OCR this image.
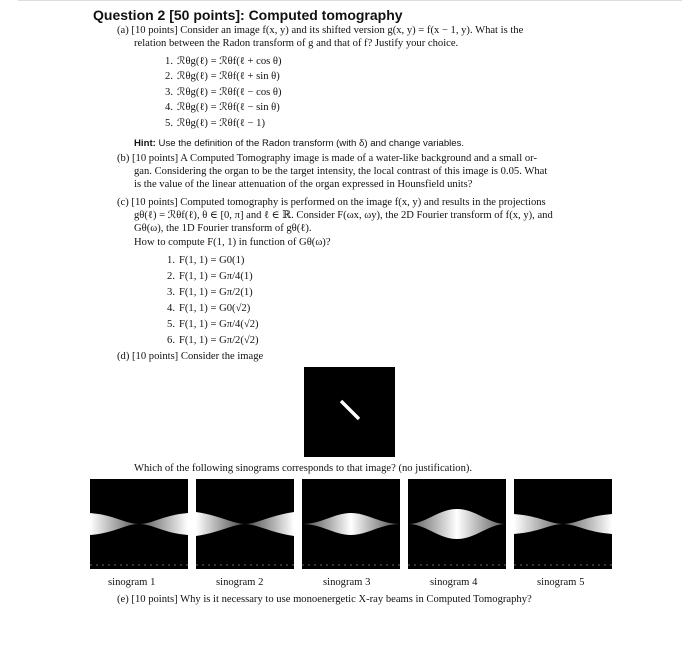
Question 2 [50 points]: Computed tomography
(a) [10 points] Consider an image f(x, y) and its shifted version g(x, y) = f(x − 1, y). What is the
relation between the Radon transform of g and that of f? Justify your choice.
1. ℛθg(ℓ) = ℛθf(ℓ + cos θ)
2. ℛθg(ℓ) = ℛθf(ℓ + sin θ)
3. ℛθg(ℓ) = ℛθf(ℓ − cos θ)
4. ℛθg(ℓ) = ℛθf(ℓ − sin θ)
5. ℛθg(ℓ) = ℛθf(ℓ − 1)
Hint: Use the definition of the Radon transform (with δ) and change variables.
(b) [10 points] A Computed Tomography image is made of a water-like background and a small or-
gan. Considering the organ to be the target intensity, the local contrast of this image is 0.05. What
is the value of the linear attenuation of the organ expressed in Hounsfield units?
(c) [10 points] Computed tomography is performed on the image f(x, y) and results in the projections
gθ(ℓ) = ℛθf(ℓ), θ ∈ [0, π] and ℓ ∈ ℝ. Consider F(ωx, ωy), the 2D Fourier transform of f(x, y), and
Gθ(ω), the 1D Fourier transform of gθ(ℓ).
How to compute F(1, 1) in function of Gθ(ω)?
1. F(1, 1) = G0(1)
2. F(1, 1) = Gπ/4(1)
3. F(1, 1) = Gπ/2(1)
4. F(1, 1) = G0(√2)
5. F(1, 1) = Gπ/4(√2)
6. F(1, 1) = Gπ/2(√2)
(d) [10 points] Consider the image
Which of the following sinograms corresponds to that image? (no justification).
sinogram 1	sinogram 2	sinogram 3	sinogram 4	sinogram 5
(e) [10 points] Why is it necessary to use monoenergetic X-ray beams in Computed Tomography?
